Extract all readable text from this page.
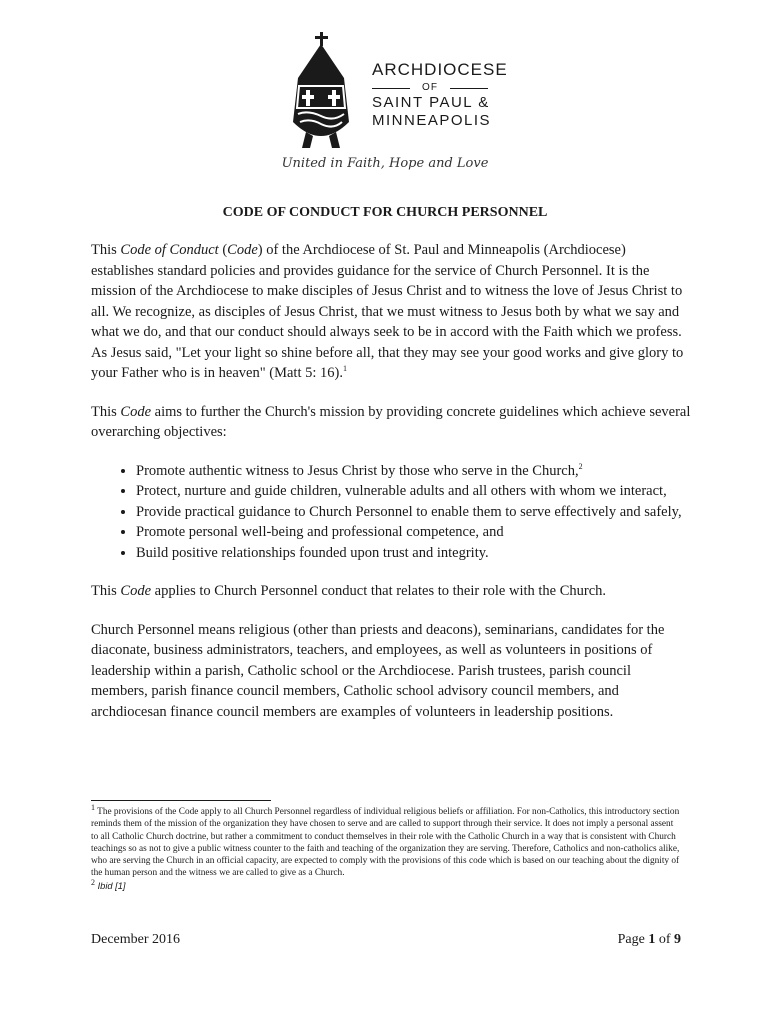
ARCHDIOCESE
OF
SAINT PAUL &
MINNEAPOLIS
United in Faith, Hope and Love
CODE OF CONDUCT FOR CHURCH PERSONNEL

This Code of Conduct (Code) of the Archdiocese of St. Paul and Minneapolis (Archdiocese) establishes standard policies and provides guidance for the service of Church Personnel. It is the mission of the Archdiocese to make disciples of Jesus Christ and to witness the love of Jesus Christ to all. We recognize, as disciples of Jesus Christ, that we must witness to Jesus both by what we say and what we do, and that our conduct should always seek to be in accord with the Faith which we profess. As Jesus said, "Let your light so shine before all, that they may see your good works and give glory to your Father who is in heaven" (Matt 5: 16).$^1$

This Code aims to further the Church's mission by providing concrete guidelines which achieve several overarching objectives:

• Promote authentic witness to Jesus Christ by those who serve in the Church,$^2$
• Protect, nurture and guide children, vulnerable adults and all others with whom we interact,
• Provide practical guidance to Church Personnel to enable them to serve effectively and safely,
• Promote personal well-being and professional competence, and
• Build positive relationships founded upon trust and integrity.

This Code applies to Church Personnel conduct that relates to their role with the Church.

Church Personnel means religious (other than priests and deacons), seminarians, candidates for the diaconate, business administrators, teachers, and employees, as well as volunteers in positions of leadership within a parish, Catholic school or the Archdiocese. Parish trustees, parish council members, parish finance council members, Catholic school advisory council members, and archdiocesan finance council members are examples of volunteers in leadership positions.

$^1$ The provisions of the Code apply to all Church Personnel regardless of individual religious beliefs or affiliation. For non-Catholics, this introductory section reminds them of the mission of the organization they have chosen to serve and are called to support through their service. It does not imply a personal assent to all Catholic Church doctrine, but rather a commitment to conduct themselves in their role with the Catholic Church in a way that is consistent with Church teachings so as not to give a public witness counter to the faith and teaching of the organization they are serving. Therefore, Catholics and non-catholics alike, who are serving the Church in an official capacity, are expected to comply with the provisions of this code which is based on our teaching about the dignity of the human person and the witness we are called to give as a Church.

$^2$ Ibid [1]

December 2016	Page 1 of 9
